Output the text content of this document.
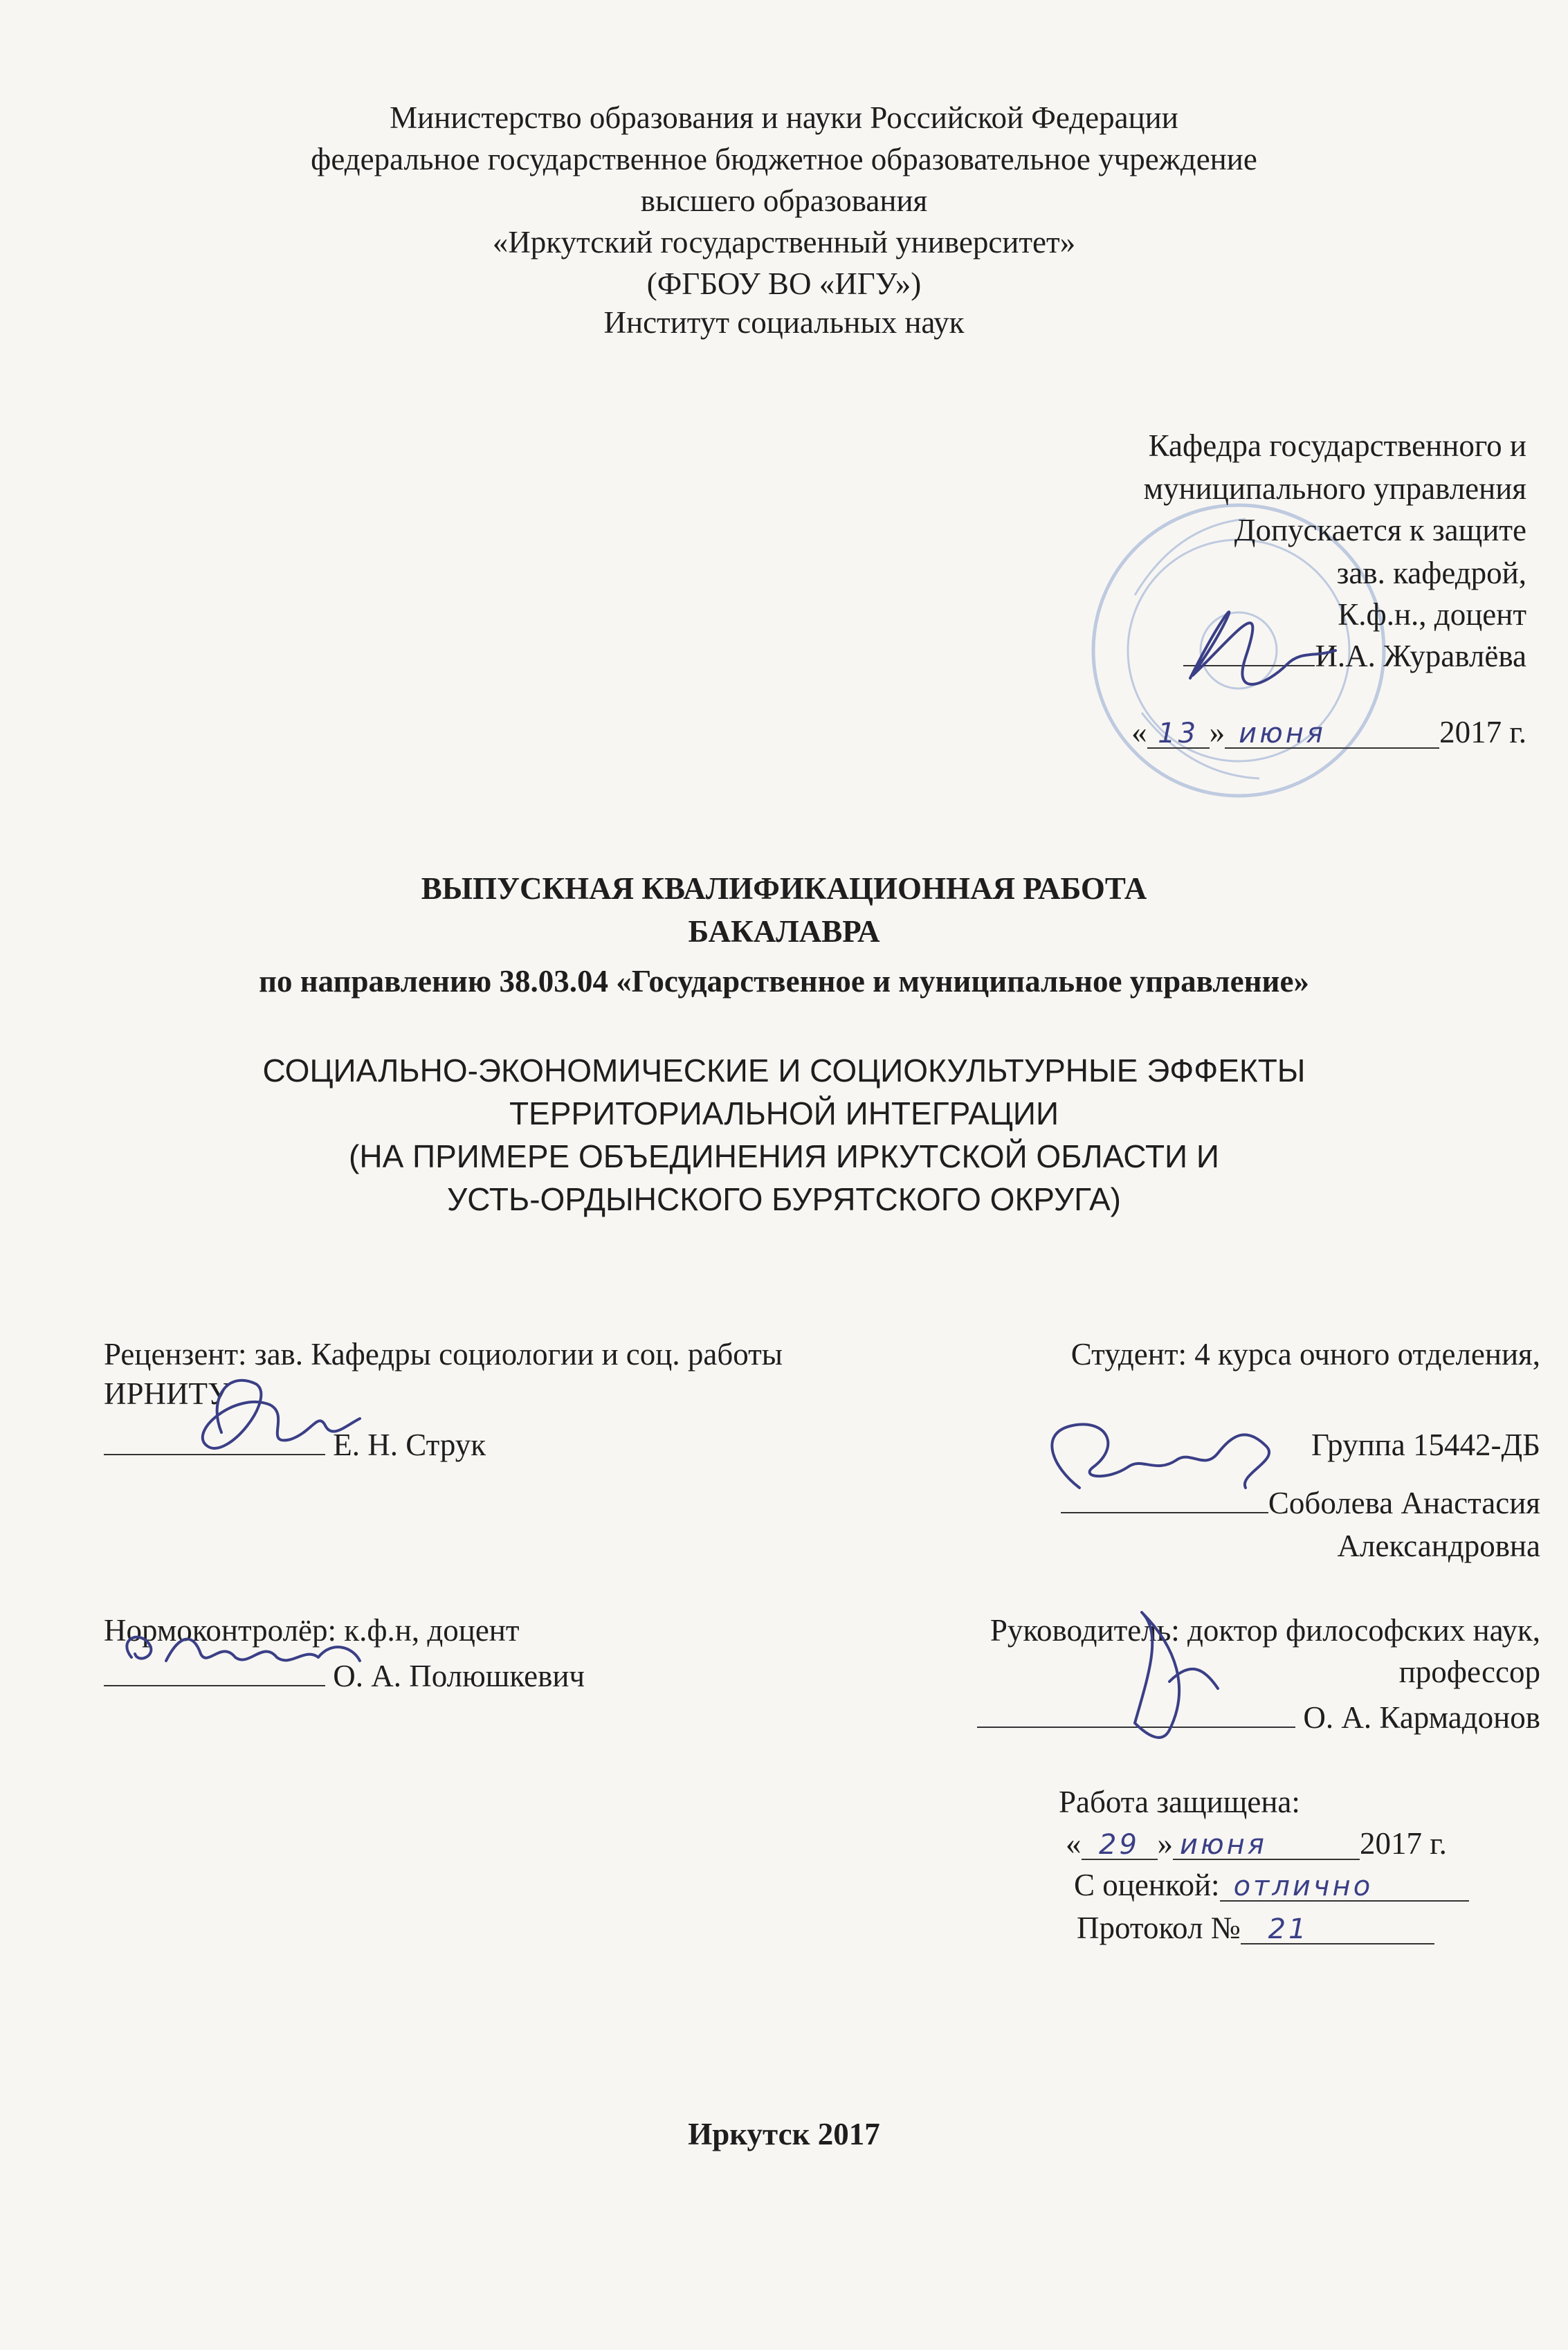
Министерство образования и науки Российской Федерации
федеральное государственное бюджетное образовательное учреждение
высшего образования
«Иркутский государственный университет»
(ФГБОУ ВО «ИГУ»)
Институт социальных наук
Кафедра государственного и
муниципального управления
Допускается к защите
зав. кафедрой,
К.ф.н., доцент
И.А. Журавлёва
« 13 » июня	2017 г.
ВЫПУСКНАЯ КВАЛИФИКАЦИОННАЯ РАБОТА
БАКАЛАВРА
по направлению 38.03.04 «Государственное и муниципальное управление»
СОЦИАЛЬНО-ЭКОНОМИЧЕСКИЕ И СОЦИОКУЛЬТУРНЫЕ ЭФФЕКТЫ
ТЕРРИТОРИАЛЬНОЙ ИНТЕГРАЦИИ
(НА ПРИМЕРЕ ОБЪЕДИНЕНИЯ ИРКУТСКОЙ ОБЛАСТИ И
УСТЬ-ОРДЫНСКОГО БУРЯТСКОГО ОКРУГА)
Рецензент: зав. Кафедры социологии и соц. работы
ИРНИТУ
Е. Н. Струк
Студент: 4 курса очного отделения,
Группа 15442-ДБ
Соболева Анастасия
Александровна
Нормоконтролёр: к.ф.н, доцент
О. А. Полюшкевич
Руководитель: доктор философских наук,
профессор
О. А. Кармадонов
Работа защищена:
« 29 » июня	2017 г.
С оценкой: отлично
Протокол № 21
Иркутск 2017
